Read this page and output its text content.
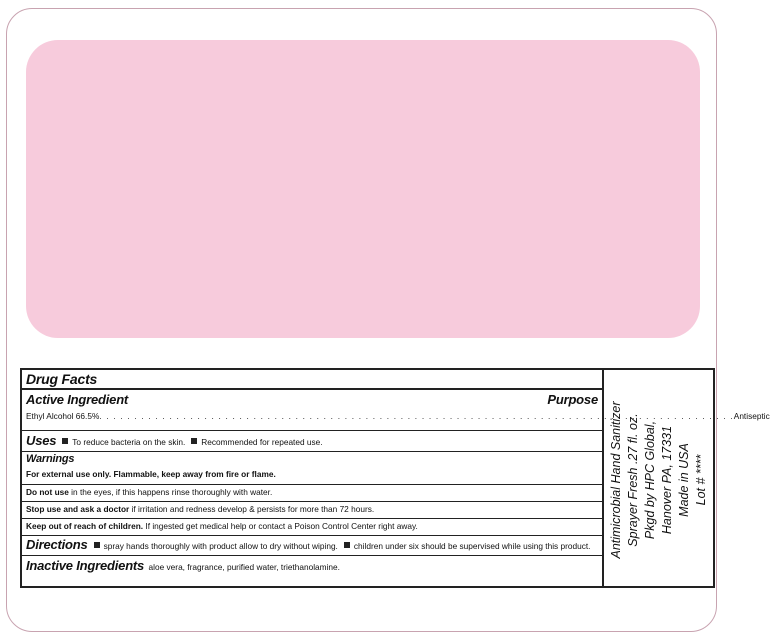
Drug Facts
Active Ingredient	Purpose
Ethyl Alcohol 66.5% . . . . . . . . . . . . . . . . . . . . . . . . . . . . . . . . . . . . . . . . . . . . . . . . . . . . . . . . . . . . . . . . . . . . . . . . . . . . . . . . . . . . . . . . . . . Antiseptic
Uses To reduce bacteria on the skin. Recommended for repeated use.
Warnings
For external use only. Flammable, keep away from fire or flame.
Do not use in the eyes, if this happens rinse thoroughly with water.
Stop use and ask a doctor if irritation and redness develop & persists for more than 72 hours.
Keep out of reach of children. If ingested get medical help or contact a Poison Control Center right away.
Directions spray hands thoroughly with product allow to dry without wiping. children under six should be supervised while using this product.
Inactive Ingredients aloe vera, fragrance, purified water, triethanolamine.
Antimicrobial Hand Sanitizer Sprayer Fresh .27 fl. oz. Pkgd by HPC Global, Hanover PA, 17331 Made in USA Lot # ****
